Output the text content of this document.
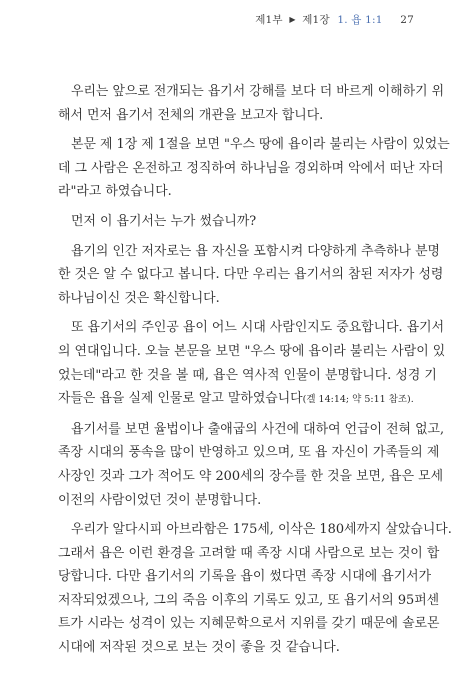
제1부 ▶ 제1장 1. 욥 1:1 27
우리는 앞으로 전개되는 욥기서 강해를 보다 더 바르게 이해하기 위
해서 먼저 욥기서 전체의 개관을 보고자 합니다.
본문 제 1장 제 1절을 보면 "우스 땅에 욥이라 불리는 사람이 있었는
데 그 사람은 온전하고 정직하여 하나님을 경외하며 악에서 떠난 자더
라"라고 하였습니다.
먼저 이 욥기서는 누가 썼습니까?
욥기의 인간 저자로는 욥 자신을 포함시켜 다양하게 추측하나 분명
한 것은 알 수 없다고 봅니다. 다만 우리는 욥기서의 참된 저자가 성령
하나님이신 것은 확신합니다.
또 욥기서의 주인공 욥이 어느 시대 사람인지도 중요합니다. 욥기서
의 연대입니다. 오늘 본문을 보면 "우스 땅에 욥이라 불리는 사람이 있
었는데"라고 한 것을 볼 때, 욥은 역사적 인물이 분명합니다. 성경 기
자들은 욥을 실제 인물로 알고 말하였습니다(겔 14:14; 약 5:11 참조).
욥기서를 보면 율법이나 출애굽의 사건에 대하여 언급이 전혀 없고,
족장 시대의 풍속을 많이 반영하고 있으며, 또 욥 자신이 가족들의 제
사장인 것과 그가 적어도 약 200세의 장수를 한 것을 보면, 욥은 모세
이전의 사람이었던 것이 분명합니다.
우리가 알다시피 아브라함은 175세, 이삭은 180세까지 살았습니다.
그래서 욥은 이런 환경을 고려할 때 족장 시대 사람으로 보는 것이 합
당합니다. 다만 욥기서의 기록을 욥이 썼다면 족장 시대에 욥기서가
저작되었겠으나, 그의 죽음 이후의 기록도 있고, 또 욥기서의 95퍼센
트가 시라는 성격이 있는 지혜문학으로서 지위를 갖기 때문에 솔로몬
시대에 저작된 것으로 보는 것이 좋을 것 같습니다.
